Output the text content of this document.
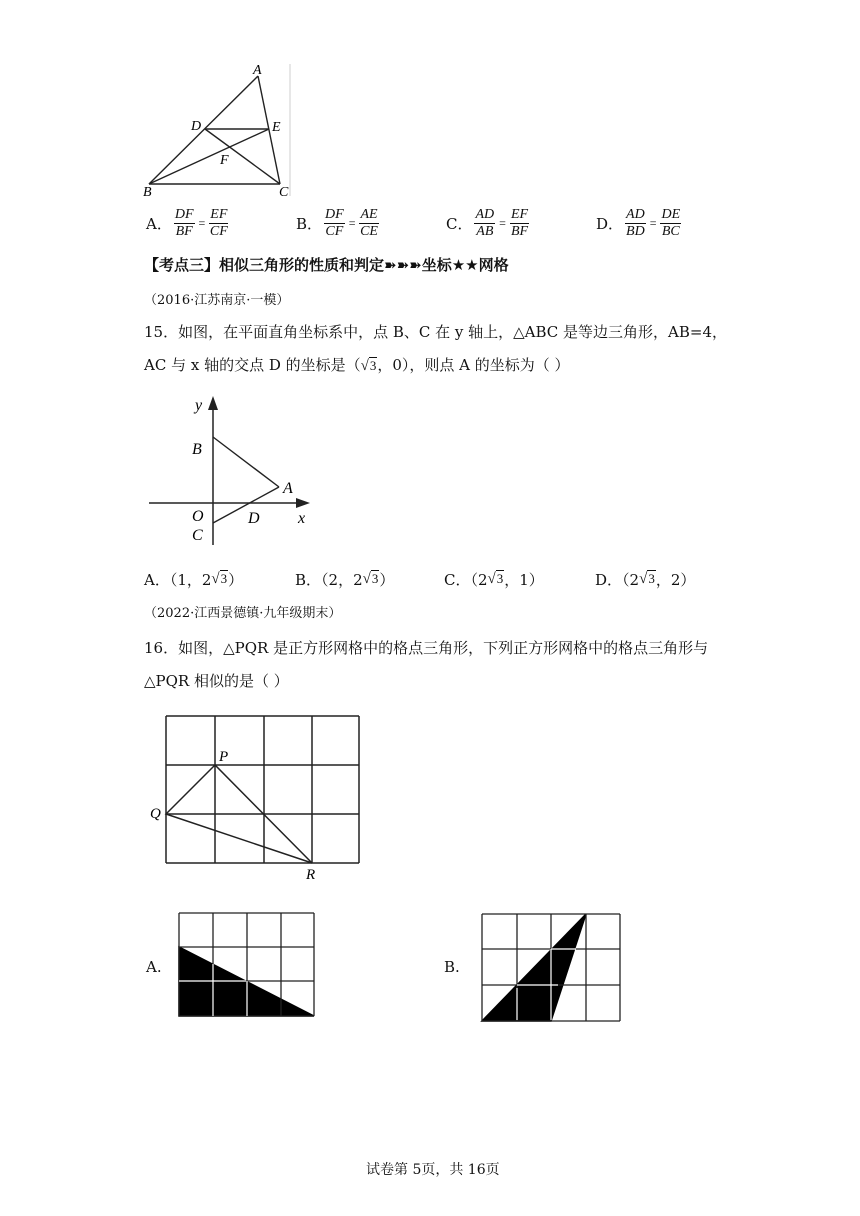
A
D	E
F
B	C
A． $\frac{DF}{BF} = \frac{EF}{CF}$	B． $\frac{DF}{CF} = \frac{AE}{CE}$	C． $\frac{AD}{AB} = \frac{EF}{BF}$	D． $\frac{AD}{BD} = \frac{DE}{BC}$
【考点三】相似三角形的性质和判定➽➽➽坐标★★网格
（2016·江苏南京·一模）
15．如图，在平面直角坐标系中，点 B、C 在 y 轴上，△ABC 是等边三角形，AB=4，
AC 与 x 轴的交点 D 的坐标是（√3，0），则点 A 的坐标为（ ）
y
B
A
O	D x
C
A．（1，2 √3 ）	B．（2，2 √3 ）	C．（2 √3 ，1）	D．（2 √3 ，2）
（2022·江西景德镇·九年级期末）
16．如图，△PQR 是正方形网格中的格点三角形，下列正方形网格中的格点三角形与
△PQR 相似的是（ ）
P
Q
R
A.	B.
试卷第 5页，共 16页
